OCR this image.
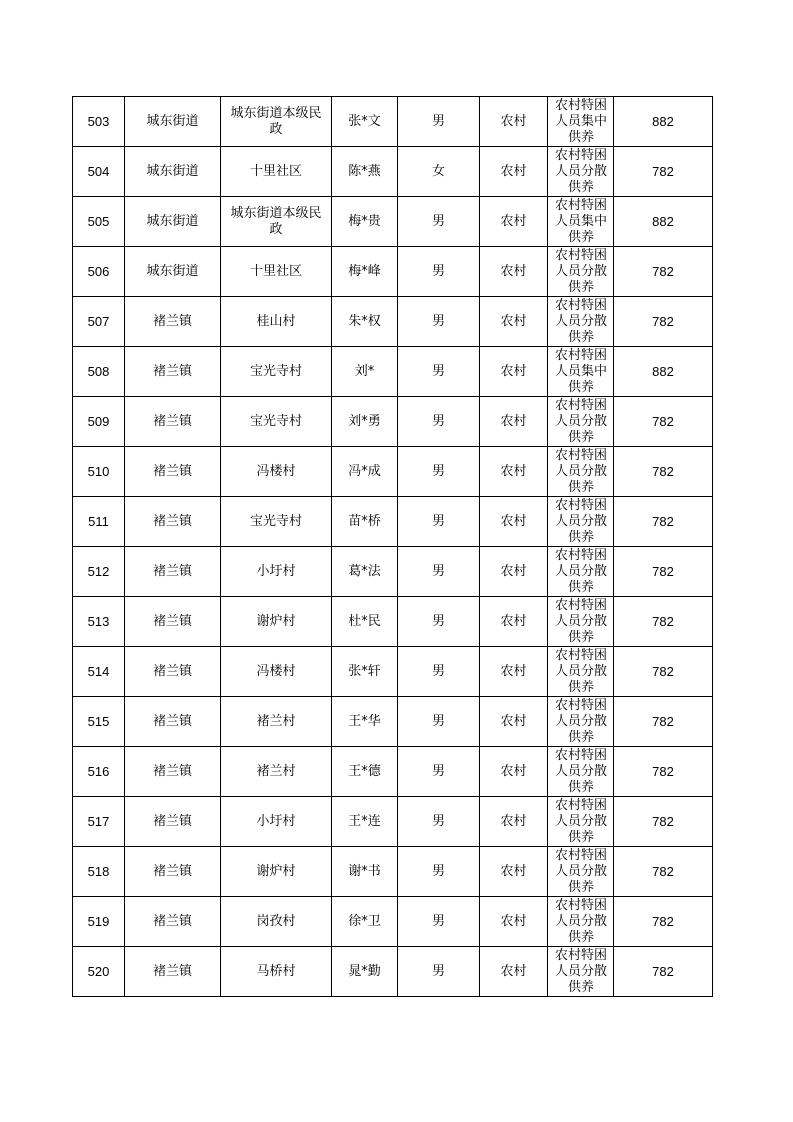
503	城东街道	城东街道本级民政	张*文	男	农村	农村特困人员集中供养	882
504	城东街道	十里社区	陈*燕	女	农村	农村特困人员分散供养	782
505	城东街道	城东街道本级民政	梅*贵	男	农村	农村特困人员集中供养	882
506	城东街道	十里社区	梅*峰	男	农村	农村特困人员分散供养	782
507	褚兰镇	桂山村	朱*权	男	农村	农村特困人员分散供养	782
508	褚兰镇	宝光寺村	刘*	男	农村	农村特困人员集中供养	882
509	褚兰镇	宝光寺村	刘*勇	男	农村	农村特困人员分散供养	782
510	褚兰镇	冯楼村	冯*成	男	农村	农村特困人员分散供养	782
511	褚兰镇	宝光寺村	苗*桥	男	农村	农村特困人员分散供养	782
512	褚兰镇	小圩村	葛*法	男	农村	农村特困人员分散供养	782
513	褚兰镇	谢炉村	杜*民	男	农村	农村特困人员分散供养	782
514	褚兰镇	冯楼村	张*轩	男	农村	农村特困人员分散供养	782
515	褚兰镇	褚兰村	王*华	男	农村	农村特困人员分散供养	782
516	褚兰镇	褚兰村	王*德	男	农村	农村特困人员分散供养	782
517	褚兰镇	小圩村	王*连	男	农村	农村特困人员分散供养	782
518	褚兰镇	谢炉村	谢*书	男	农村	农村特困人员分散供养	782
519	褚兰镇	岗孜村	徐*卫	男	农村	农村特困人员分散供养	782
520	褚兰镇	马桥村	晁*勤	男	农村	农村特困人员分散供养	782
